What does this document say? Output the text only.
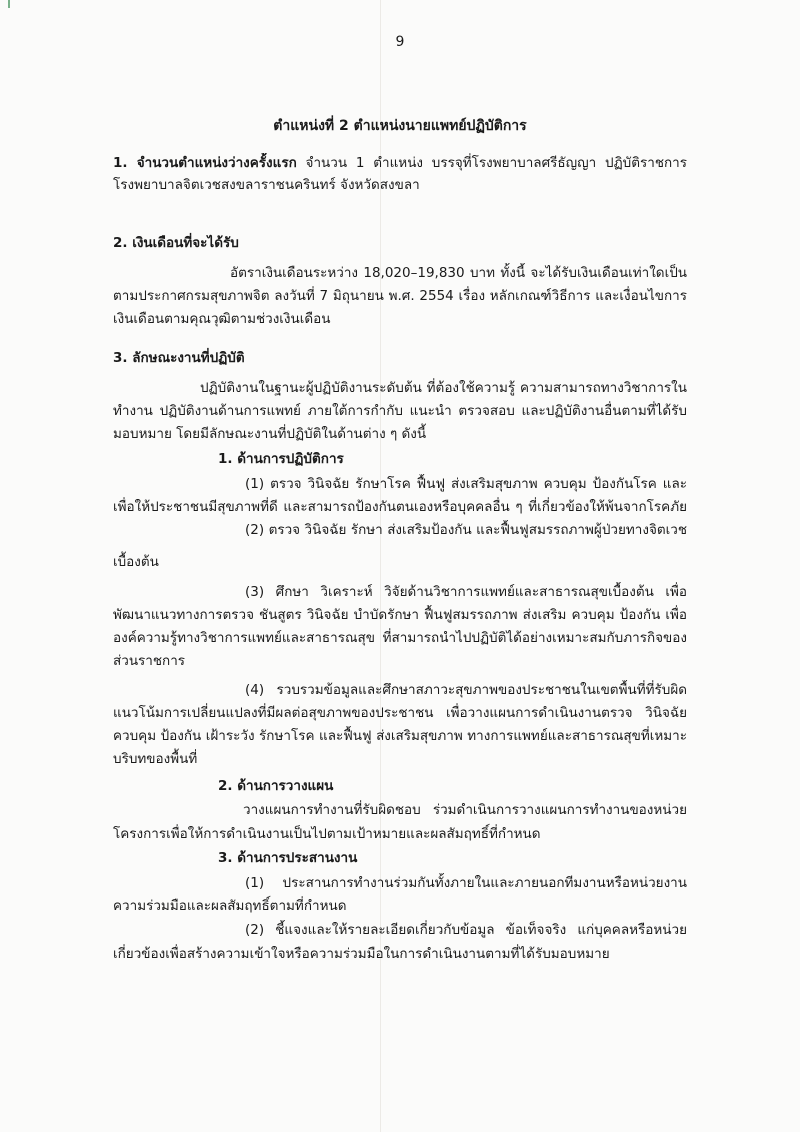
9
ตำแหน่งที่ 2 ตำแหน่งนายแพทย์ปฏิบัติการ
1. จำนวนตำแหน่งว่างครั้งแรก จำนวน 1 ตำแหน่ง บรรจุที่โรงพยาบาลศรีธัญญา ปฏิบัติราชการ
โรงพยาบาลจิตเวชสงขลาราชนครินทร์ จังหวัดสงขลา
2. เงินเดือนที่จะได้รับ
อัตราเงินเดือนระหว่าง 18,020–19,830 บาท ทั้งนี้ จะได้รับเงินเดือนเท่าใดเป็น
ตามประกาศกรมสุขภาพจิต ลงวันที่ 7 มิถุนายน พ.ศ. 2554 เรื่อง หลักเกณฑ์วิธีการ และเงื่อนไขการ
เงินเดือนตามคุณวุฒิตามช่วงเงินเดือน
3. ลักษณะงานที่ปฏิบัติ
ปฏิบัติงานในฐานะผู้ปฏิบัติงานระดับต้น ที่ต้องใช้ความรู้ ความสามารถทางวิชาการใน
ทำงาน ปฏิบัติงานด้านการแพทย์ ภายใต้การกำกับ แนะนำ ตรวจสอบ และปฏิบัติงานอื่นตามที่ได้รับ
มอบหมาย โดยมีลักษณะงานที่ปฏิบัติในด้านต่าง ๆ ดังนี้
1. ด้านการปฏิบัติการ
(1) ตรวจ วินิจฉัย รักษาโรค ฟื้นฟู ส่งเสริมสุขภาพ ควบคุม ป้องกันโรค และ
เพื่อให้ประชาชนมีสุขภาพที่ดี และสามารถป้องกันตนเองหรือบุคคลอื่น ๆ ที่เกี่ยวข้องให้พ้นจากโรคภัย
(2) ตรวจ วินิจฉัย รักษา ส่งเสริมป้องกัน และฟื้นฟูสมรรถภาพผู้ป่วยทางจิตเวช
เบื้องต้น
(3) ศึกษา วิเคราะห์ วิจัยด้านวิชาการแพทย์และสาธารณสุขเบื้องต้น เพื่อ
พัฒนาแนวทางการตรวจ ชันสูตร วินิจฉัย บำบัดรักษา ฟื้นฟูสมรรถภาพ ส่งเสริม ควบคุม ป้องกัน เพื่อ
องค์ความรู้ทางวิชาการแพทย์และสาธารณสุข ที่สามารถนำไปปฏิบัติได้อย่างเหมาะสมกับภารกิจของ
ส่วนราชการ
(4) รวบรวมข้อมูลและศึกษาสภาวะสุขภาพของประชาชนในเขตพื้นที่ที่รับผิด
แนวโน้มการเปลี่ยนแปลงที่มีผลต่อสุขภาพของประชาชน เพื่อวางแผนการดำเนินงานตรวจ วินิจฉัย
ควบคุม ป้องกัน เฝ้าระวัง รักษาโรค และฟื้นฟู ส่งเสริมสุขภาพ ทางการแพทย์และสาธารณสุขที่เหมาะ
บริบทของพื้นที่
2. ด้านการวางแผน
วางแผนการทำงานที่รับผิดชอบ ร่วมดำเนินการวางแผนการทำงานของหน่วย
โครงการเพื่อให้การดำเนินงานเป็นไปตามเป้าหมายและผลสัมฤทธิ์ที่กำหนด
3. ด้านการประสานงาน
(1) ประสานการทำงานร่วมกันทั้งภายในและภายนอกทีมงานหรือหน่วยงาน
ความร่วมมือและผลสัมฤทธิ์ตามที่กำหนด
(2) ชี้แจงและให้รายละเอียดเกี่ยวกับข้อมูล ข้อเท็จจริง แก่บุคคลหรือหน่วย
เกี่ยวข้องเพื่อสร้างความเข้าใจหรือความร่วมมือในการดำเนินงานตามที่ได้รับมอบหมาย
